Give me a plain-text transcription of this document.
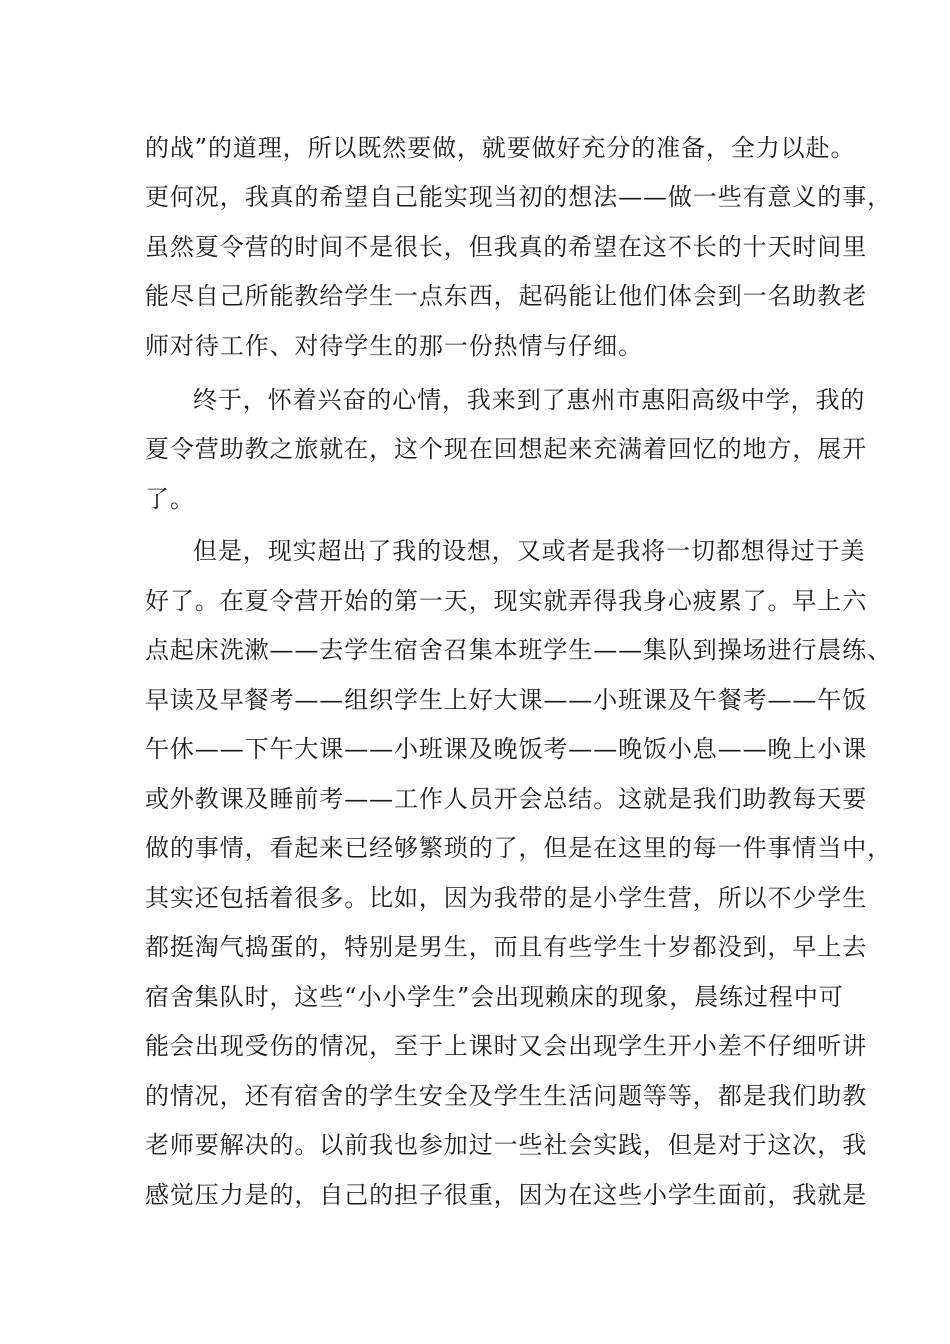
的战”的道理，所以既然要做，就要做好充分的准备，全力以赴。
更何况，我真的希望自己能实现当初的想法——做一些有意义的事，
虽然夏令营的时间不是很长，但我真的希望在这不长的十天时间里
能尽自己所能教给学生一点东西，起码能让他们体会到一名助教老
师对待工作、对待学生的那一份热情与仔细。
终于，怀着兴奋的心情，我来到了惠州市惠阳高级中学，我的
夏令营助教之旅就在，这个现在回想起来充满着回忆的地方，展开
了。
但是，现实超出了我的设想，又或者是我将一切都想得过于美
好了。在夏令营开始的第一天，现实就弄得我身心疲累了。早上六
点起床洗漱——去学生宿舍召集本班学生——集队到操场进行晨练、
早读及早餐考——组织学生上好大课——小班课及午餐考——午饭
午休——下午大课——小班课及晚饭考——晚饭小息——晚上小课
或外教课及睡前考——工作人员开会总结。这就是我们助教每天要
做的事情，看起来已经够繁琐的了，但是在这里的每一件事情当中，
其实还包括着很多。比如，因为我带的是小学生营，所以不少学生
都挺淘气捣蛋的，特别是男生，而且有些学生十岁都没到，早上去
宿舍集队时，这些“小小学生”会出现赖床的现象，晨练过程中可
能会出现受伤的情况，至于上课时又会出现学生开小差不仔细听讲
的情况，还有宿舍的学生安全及学生生活问题等等，都是我们助教
老师要解决的。以前我也参加过一些社会实践，但是对于这次，我
感觉压力是的，自己的担子很重，因为在这些小学生面前，我就是
